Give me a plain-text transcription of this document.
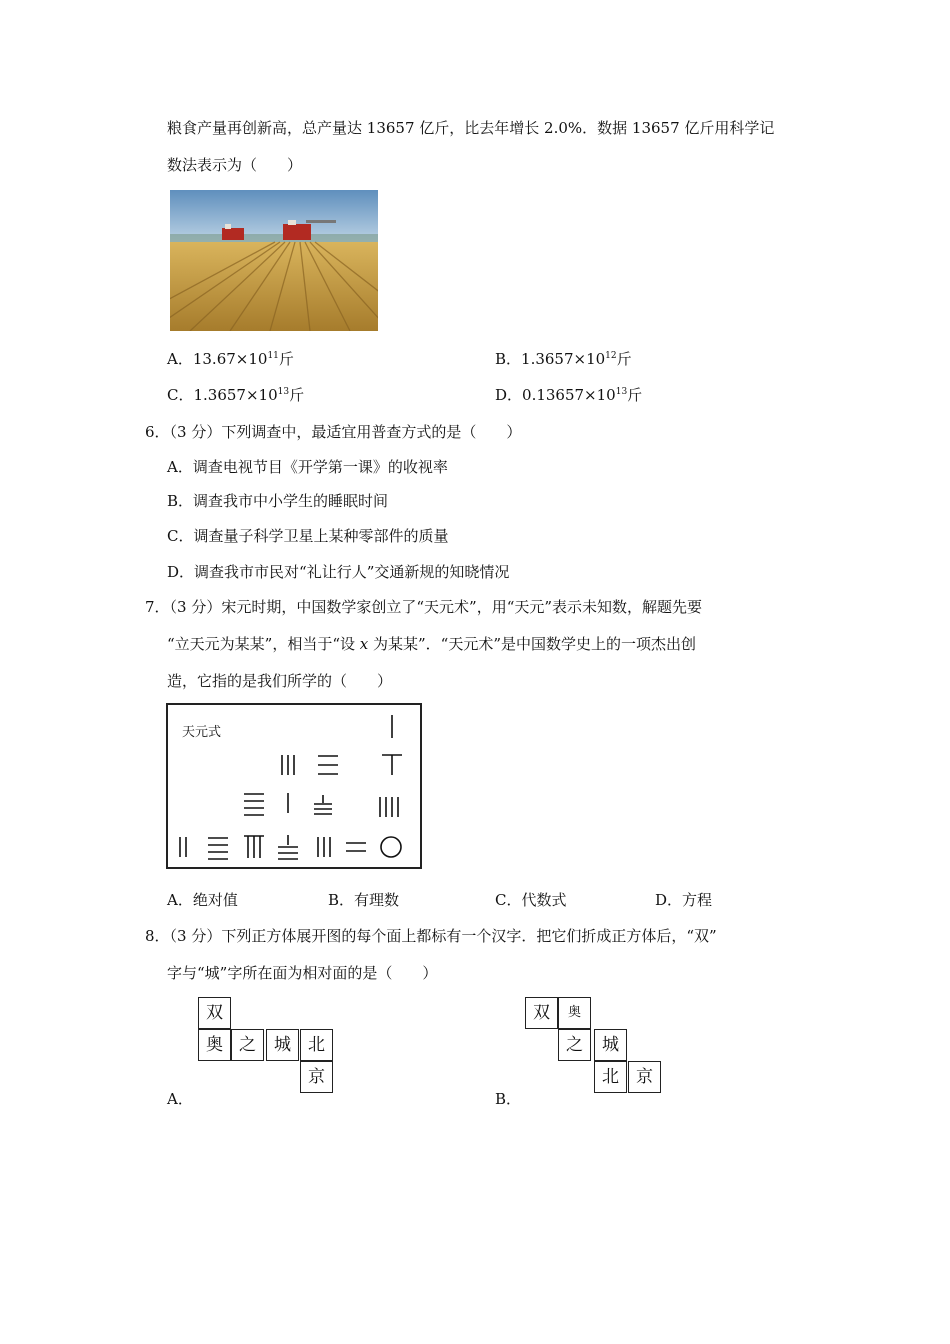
粮食产量再创新高，总产量达 13657 亿斤，比去年增长 2.0%．数据 13657 亿斤用科学记
数法表示为（　　）
A．$13.67\times 10^{11}$斤	B．$1.3657\times 10^{12}$斤
C．$1.3657\times 10^{13}$斤	D．$0.13657\times 10^{13}$斤
6．（3 分）下列调查中，最适宜用普查方式的是（　　）
A．调查电视节目《开学第一课》的收视率
B．调查我市中小学生的睡眠时间
C．调查量子科学卫星上某种零部件的质量
D．调查我市市民对“礼让行人”交通新规的知晓情况
7．（3 分）宋元时期，中国数学家创立了“天元术”，用“天元”表示未知数，解题先要
“立天元为某某”，相当于“设 x 为某某”．“天元术”是中国数学史上的一项杰出创
造，它指的是我们所学的（　　）
天元式
A．绝对值	B．有理数	C．代数式	D．方程
8．（3 分）下列正方体展开图的每个面上都标有一个汉字．把它们折成正方体后，“双”
字与“城”字所在面为相对面的是（　　）
双
奥 之	城	北
京
A．
双	奥
之	城
北	京
B．
